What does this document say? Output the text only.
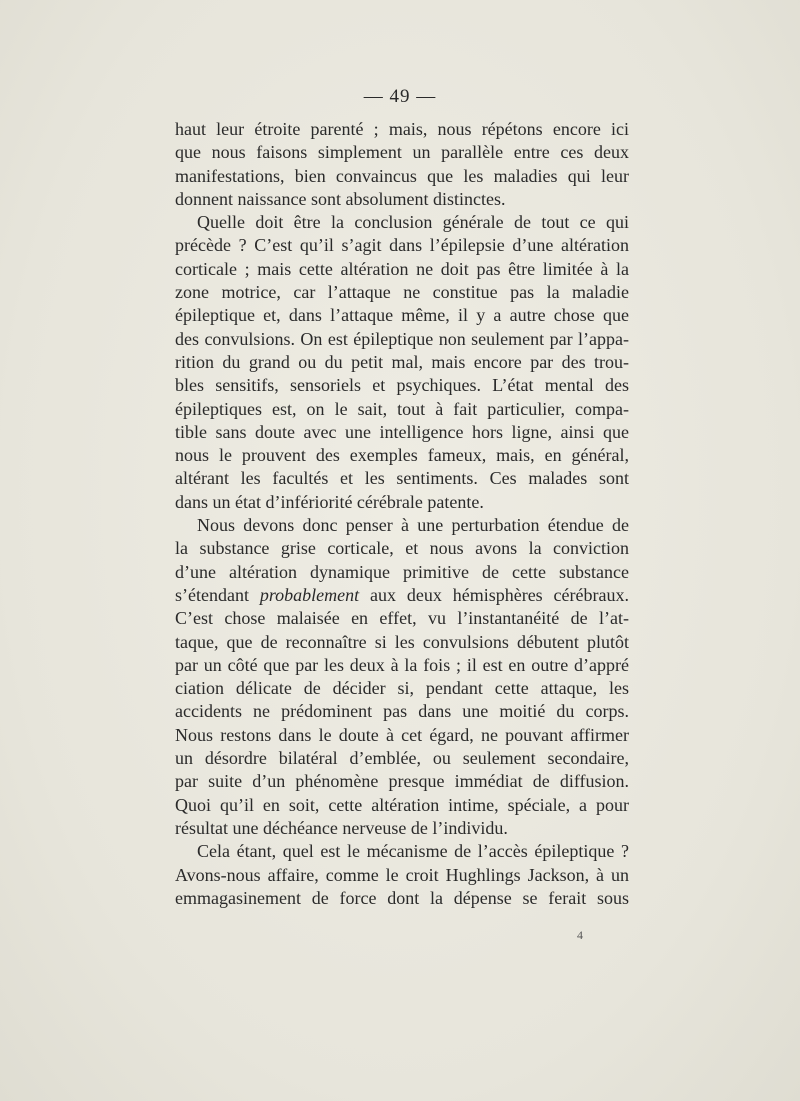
— 49 —
haut leur étroite parenté ; mais, nous répétons encore ici
que nous faisons simplement un parallèle entre ces deux
manifestations, bien convaincus que les maladies qui leur
donnent naissance sont absolument distinctes.
Quelle doit être la conclusion générale de tout ce qui
précède ? C’est qu’il s’agit dans l’épilepsie d’une altération
corticale ; mais cette altération ne doit pas être limitée à la
zone motrice, car l’attaque ne constitue pas la maladie
épileptique et, dans l’attaque même, il y a autre chose que
des convulsions. On est épileptique non seulement par l’appa-
rition du grand ou du petit mal, mais encore par des trou-
bles sensitifs, sensoriels et psychiques. L’état mental des
épileptiques est, on le sait, tout à fait particulier, compa-
tible sans doute avec une intelligence hors ligne, ainsi que
nous le prouvent des exemples fameux, mais, en général,
altérant les facultés et les sentiments. Ces malades sont
dans un état d’infériorité cérébrale patente.
Nous devons donc penser à une perturbation étendue de
la substance grise corticale, et nous avons la conviction
d’une altération dynamique primitive de cette substance
s’étendant probablement aux deux hémisphères cérébraux.
C’est chose malaisée en effet, vu l’instantanéité de l’at-
taque, que de reconnaître si les convulsions débutent plutôt
par un côté que par les deux à la fois ; il est en outre d’appré
ciation délicate de décider si, pendant cette attaque, les
accidents ne prédominent pas dans une moitié du corps.
Nous restons dans le doute à cet égard, ne pouvant affirmer
un désordre bilatéral d’emblée, ou seulement secondaire,
par suite d’un phénomène presque immédiat de diffusion.
Quoi qu’il en soit, cette altération intime, spéciale, a pour
résultat une déchéance nerveuse de l’individu.
Cela étant, quel est le mécanisme de l’accès épileptique ?
Avons-nous affaire, comme le croit Hughlings Jackson, à un
emmagasinement de force dont la dépense se ferait sous
4
